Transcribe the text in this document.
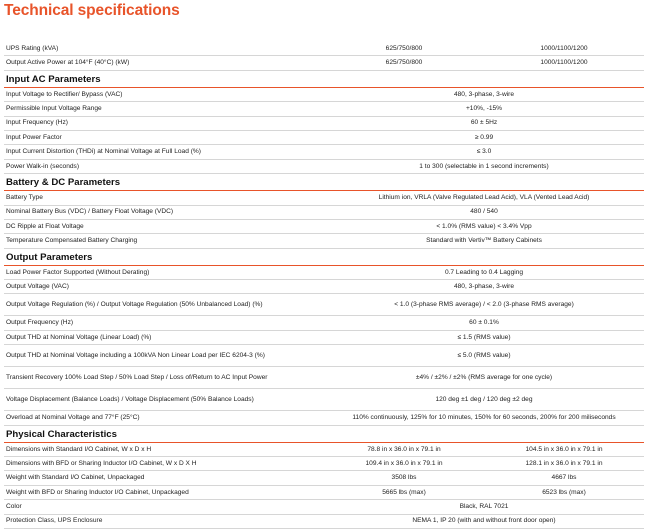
Technical specifications
UPS Rating (kVA)	625/750/800	1000/1100/1200
Output Active Power at 104°F (40°C) (kW)	625/750/800	1000/1100/1200
Input AC Parameters		
Input Voltage to Rectifier/ Bypass (VAC)	480, 3-phase, 3-wire	
Permissible Input Voltage Range	+10%, -15%	
Input Frequency (Hz)	60 ± 5Hz	
Input Power Factor	≥ 0.99	
Input Current Distortion (THDi) at Nominal Voltage at Full Load (%)	≤ 3.0	
Power Walk-in (seconds)	1 to 300 (selectable in 1 second increments)	
Battery & DC Parameters		
Battery Type	Lithium ion, VRLA (Valve Regulated Lead Acid), VLA (Vented Lead Acid)	
Nominal Battery Bus (VDC) / Battery Float Voltage (VDC)	480 / 540	
DC Ripple at Float Voltage	< 1.0% (RMS value) < 3.4% Vpp	
Temperature Compensated Battery Charging	Standard with Vertiv™ Battery Cabinets	
Output Parameters		
Load Power Factor Supported (Without Derating)	0.7 Leading to 0.4 Lagging	
Output Voltage (VAC)	480, 3-phase, 3-wire	
Output Voltage Regulation (%) / Output Voltage Regulation (50% Unbalanced Load) (%)	< 1.0 (3-phase RMS average) / < 2.0 (3-phase RMS average)	
Output Frequency (Hz)	60 ± 0.1%	
Output THD at Nominal Voltage (Linear Load) (%)	≤ 1.5 (RMS value)	
Output THD at Nominal Voltage including a 100kVA Non Linear Load per IEC 6204-3 (%)	≤ 5.0 (RMS value)	
Transient Recovery 100% Load Step / 50% Load Step / Loss of/Return to AC Input Power	±4% / ±2% / ±2% (RMS average for one cycle)	
Voltage Displacement (Balance Loads) / Voltage Displacement (50% Balance Loads)	120 deg ±1 deg / 120 deg ±2 deg	
Overload at Nominal Voltage and 77°F (25°C)	110% continuously, 125% for 10 minutes, 150% for 60 seconds, 200% for 200 miliseconds	
Physical Characteristics		
Dimensions with Standard I/O Cabinet, W x D x H	78.8 in x 36.0 in x 79.1 in	104.5 in x 36.0 in x 79.1 in
Dimensions with BFD or Sharing Inductor I/O Cabinet, W x D X H	109.4 in x 36.0 in x 79.1 in	128.1 in x 36.0 in x 79.1 in
Weight with Standard I/O Cabinet, Unpackaged	3508 lbs	4667 lbs
Weight with BFD or Sharing Inductor I/O Cabinet, Unpackaged	5665 lbs (max)	6523 lbs (max)
Color	Black, RAL 7021	
Protection Class, UPS Enclosure	NEMA 1, IP 20 (with and without front door open)	
